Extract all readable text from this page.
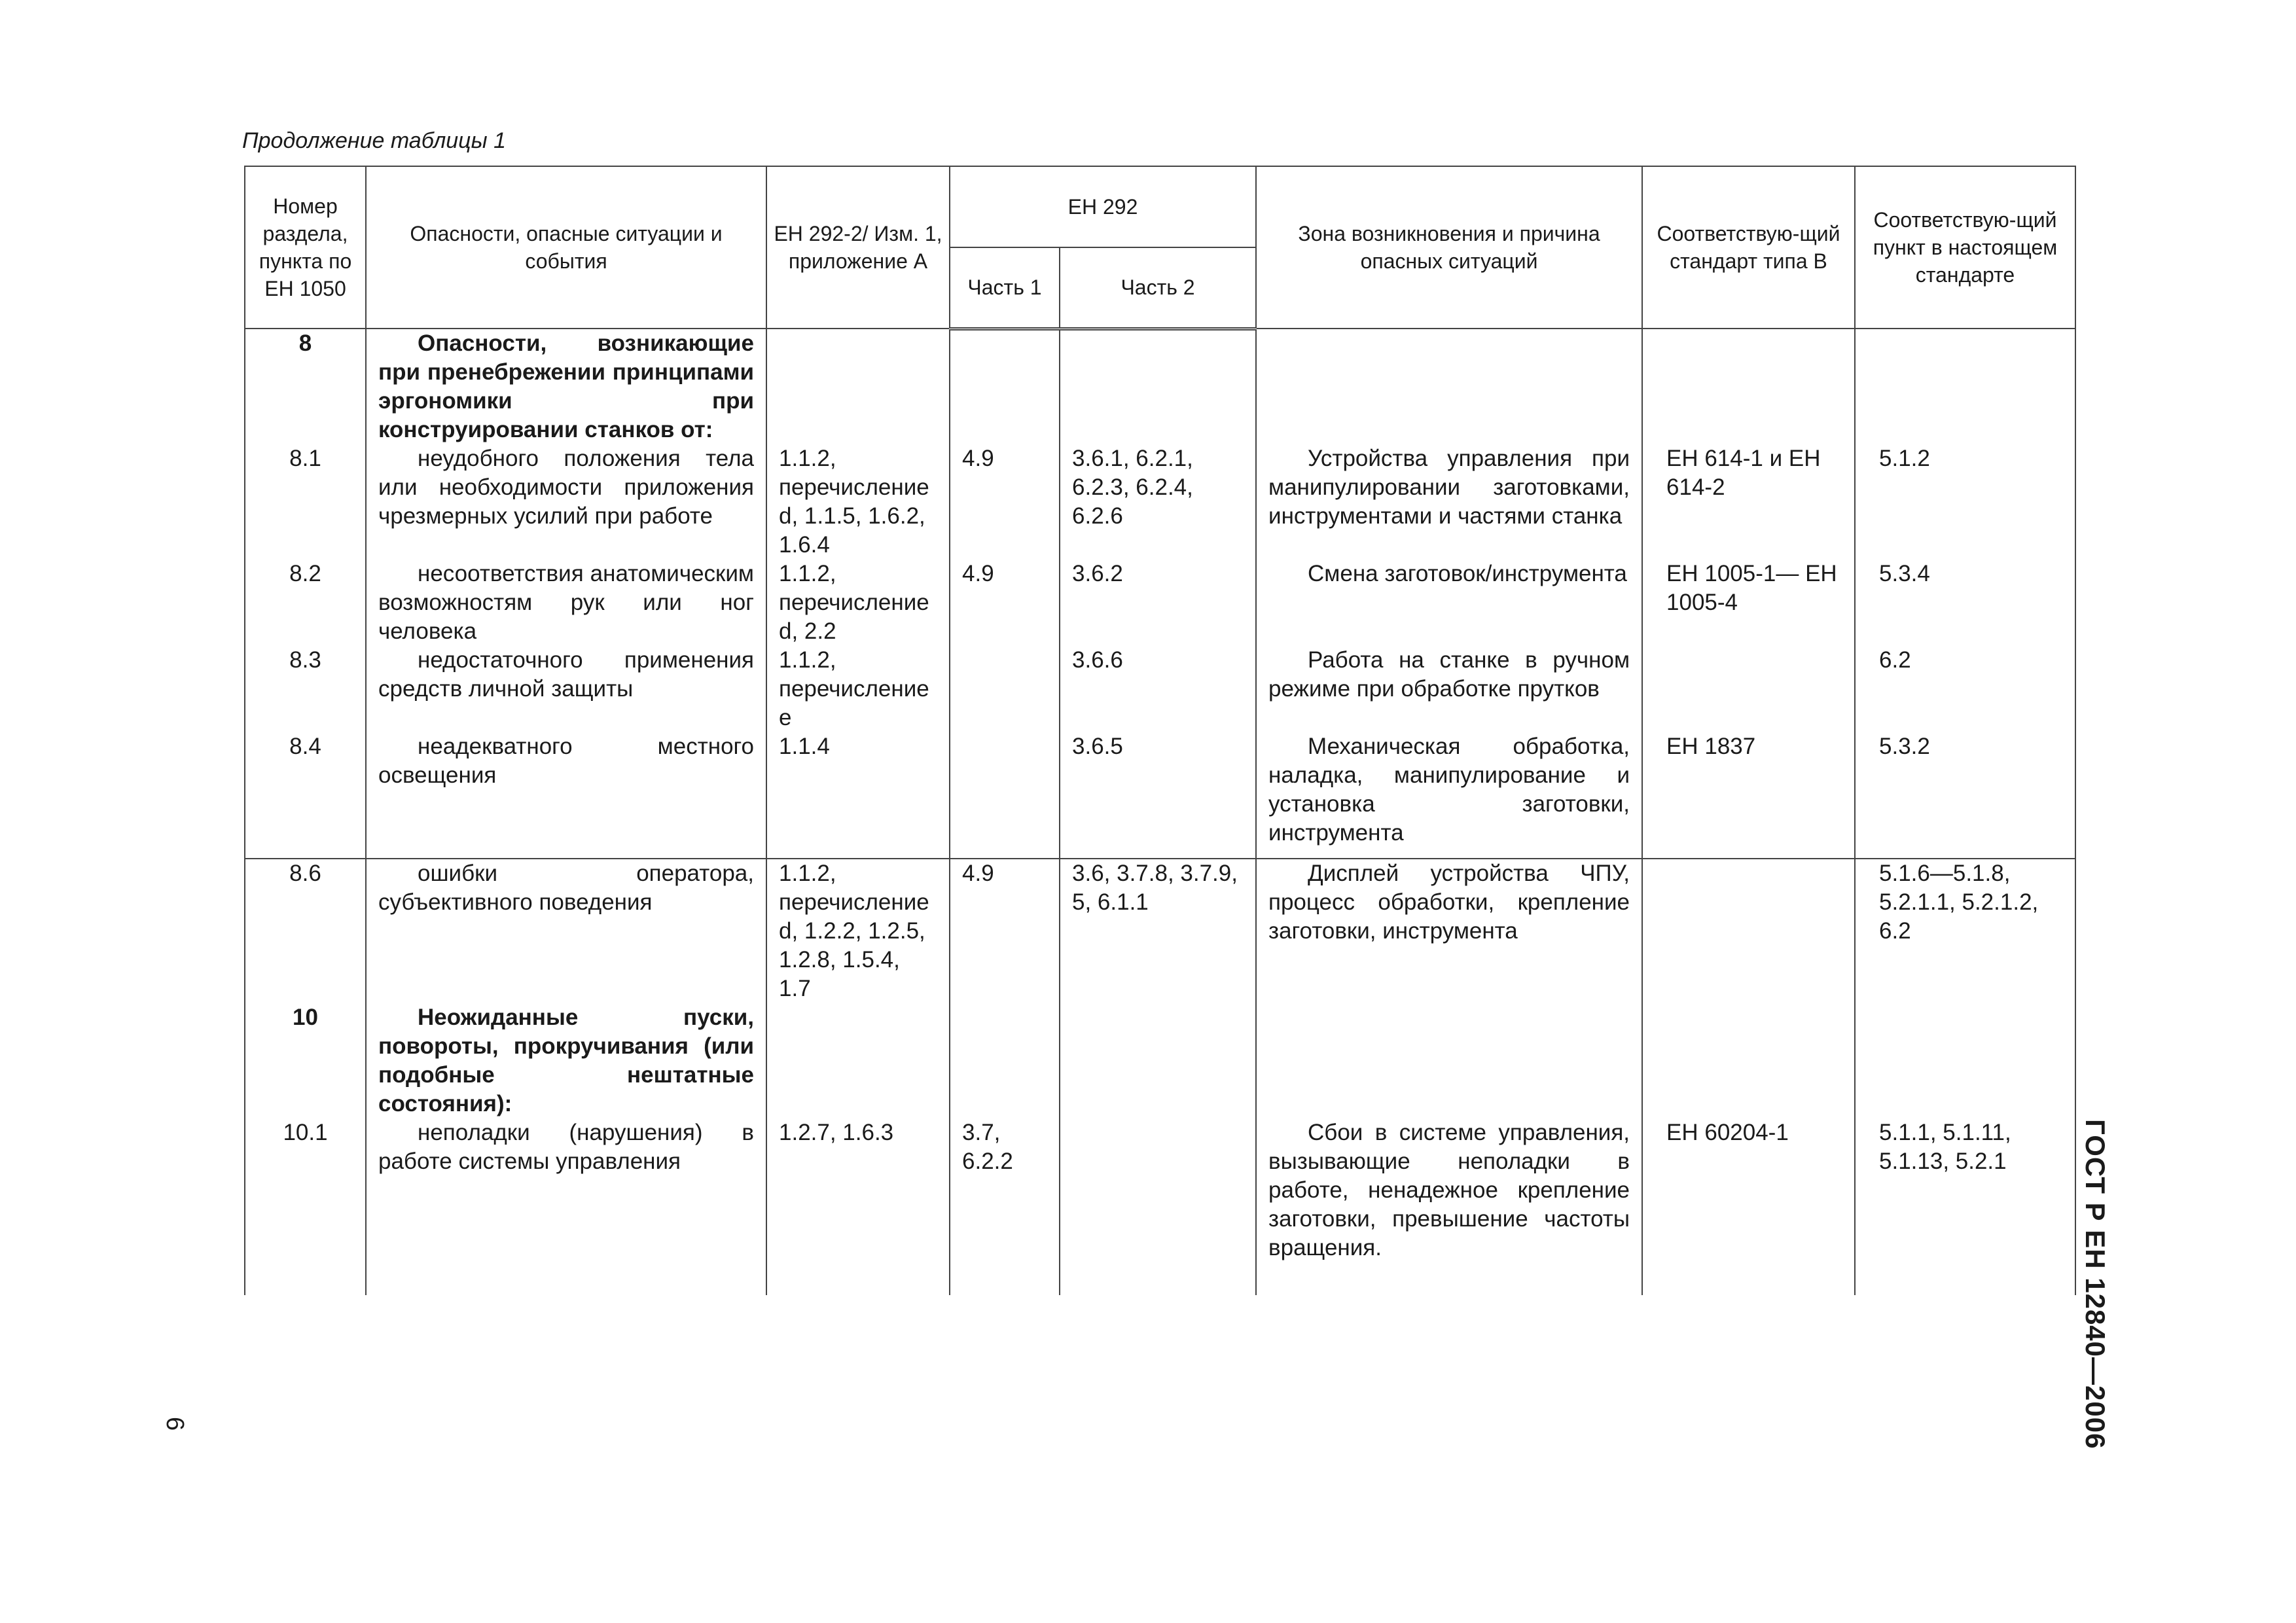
Продолжение таблицы 1
Номер раздела, пункта по ЕН 1050	Опасности, опасные ситуации и события	ЕН 292-2/ Изм. 1, приложение А	ЕН 292		Зона возникновения и причина опасных ситуаций	Соответствую-щий стандарт типа В	Соответствую-щий пункт в настоящем стандарте
			Часть 1	Часть 2			
8	Опасности, возникающие при пренебрежении принципами эргономики при конструировании станков от:						

8.1	неудобного положения тела или необходимости приложения чрезмерных усилий при работе	1.1.2, перечисление d, 1.1.5, 1.6.2, 1.6.4	4.9	3.6.1, 6.2.1, 6.2.3, 6.2.4, 6.2.6	Устройства управления при манипулировании заготовками, инструментами и частями станка	ЕН 614-1 и ЕН 614-2	5.1.2
8.2	несоответствия анатомическим возможностям рук или ног человека	1.1.2, перечисление d, 2.2	4.9	3.6.2	Смена заготовок/инструмента	ЕН 1005-1— ЕН 1005-4	5.3.4
8.3	недостаточного применения средств личной защиты	1.1.2, перечисление е		3.6.6	Работа на станке в ручном режиме при обработке прутков		6.2
8.4	неадекватного местного освещения	1.1.4		3.6.5	Механическая обработка, наладка, манипулирование и установка заготовки, инструмента	ЕН 1837	5.3.2
8.6	ошибки оператора, субъективного поведения	1.1.2, перечисление d, 1.2.2, 1.2.5, 1.2.8, 1.5.4, 1.7	4.9	3.6, 3.7.8, 3.7.9, 5, 6.1.1	Дисплей устройства ЧПУ, процесс обработки, крепление заготовки, инструмента		5.1.6—5.1.8, 5.2.1.1, 5.2.1.2, 6.2
10	Неожиданные пуски, повороты, прокручивания (или подобные нештатные состояния):						

10.1	неполадки (нарушения) в работе системы управления	1.2.7, 1.6.3	3.7, 6.2.2		Сбои в системе управления, вызывающие неполадки в работе, ненадежное крепление заготовки, превышение частоты вращения.	ЕН 60204-1	5.1.1, 5.1.11, 5.1.13, 5.2.1	ГОСТ Р ЕН 12840—2006
6
